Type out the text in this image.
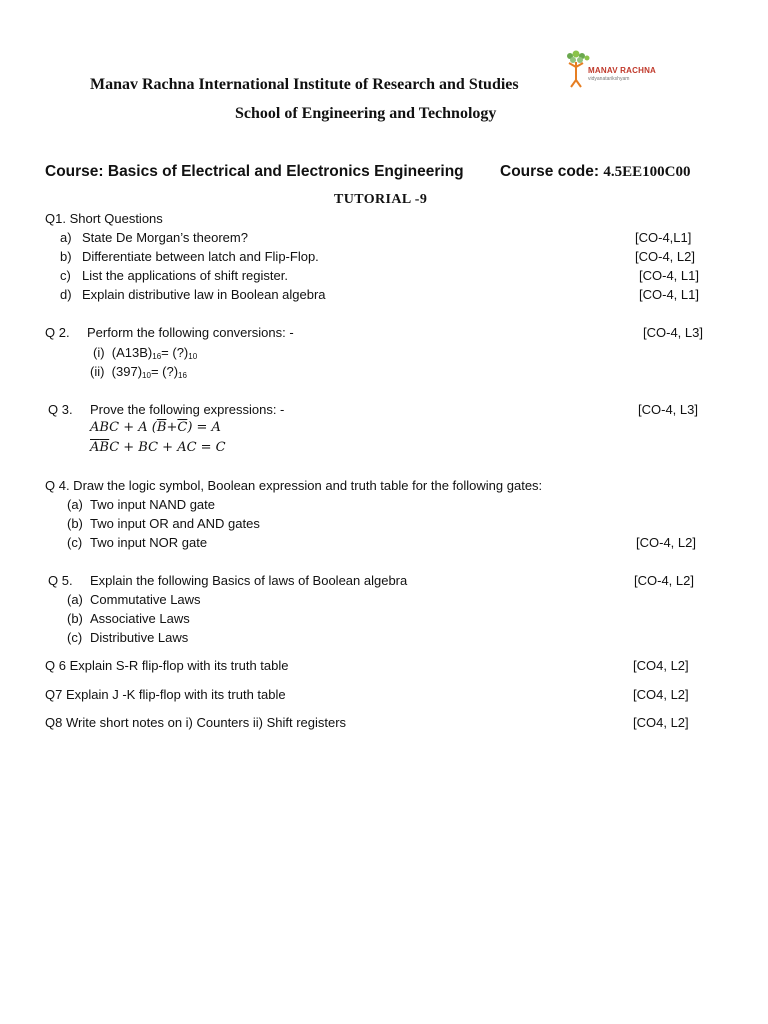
MANAV RACHNA
vidyanatarikshyam
Manav Rachna International Institute of Research and Studies
School of Engineering and Technology
Course: Basics of Electrical and Electronics Engineering Course code: 4.5EE100C00
TUTORIAL -9
Q1. Short Questions
a) State De Morgan’s theorem?	[CO-4,L1]
b) Differentiate between latch and Flip-Flop.	[CO-4, L2]
c) List the applications of shift register.	[CO-4, L1]
d) Explain distributive law in Boolean algebra	[CO-4, L1]
Q 2. Perform the following conversions: -	[CO-4, L3]
(i) $(A13B)_{16}=$ $(?)_{10}$
(ii) $(397)_{10}=$ $(?)_{16}$
Q 3. Prove the following expressions: -	[CO-4, L3]
ABC + A $(\overline{B}+\overline{C}) = A$
$\overline{A}\overline{B}C$ + BC + AC = C
Q 4. Draw the logic symbol, Boolean expression and truth table for the following gates:
(a) Two input NAND gate
(b) Two input OR and AND gates
(c) Two input NOR gate	[CO-4, L2]
Q 5. Explain the following Basics of laws of Boolean algebra	[CO-4, L2]
(a) Commutative Laws
(b) Associative Laws
(c) Distributive Laws
Q 6 Explain S-R flip-flop with its truth table	[CO4, L2]
Q7 Explain J -K flip-flop with its truth table	[CO4, L2]
Q8 Write short notes on i) Counters ii) Shift registers	[CO4, L2]
